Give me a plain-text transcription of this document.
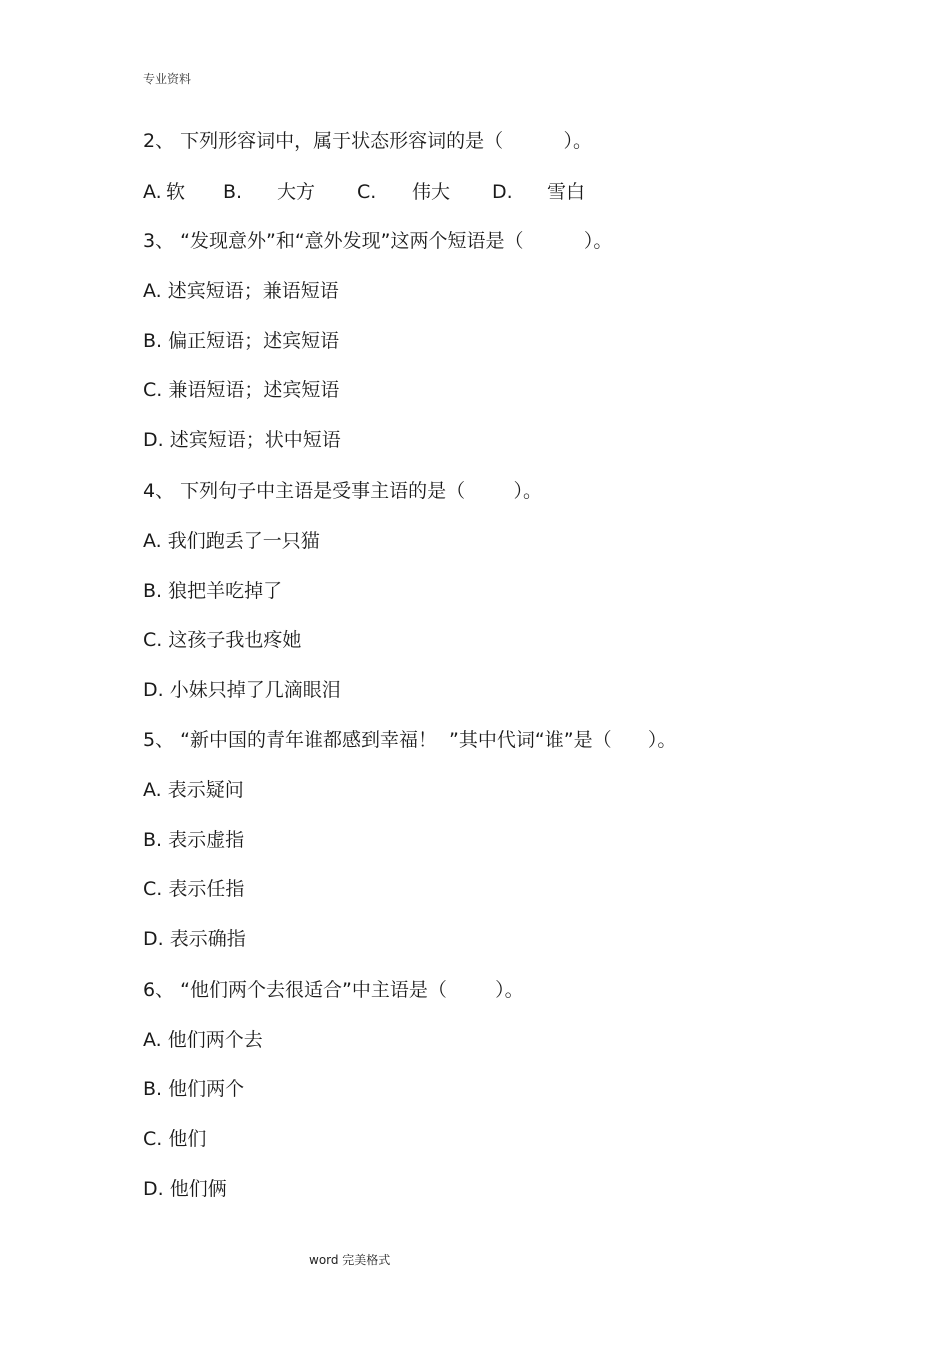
专业资料
2、 下列形容词中，属于状态形容词的是（          ）。
A. 软 B. 大方 C. 伟大 D. 雪白
3、 “发现意外”和“意外发现”这两个短语是（          ）。
A. 述宾短语；兼语短语
B. 偏正短语；述宾短语
C. 兼语短语；述宾短语
D. 述宾短语；状中短语
4、 下列句子中主语是受事主语的是（        ）。
A. 我们跑丢了一只猫
B. 狼把羊吃掉了
C. 这孩子我也疼她
D. 小妹只掉了几滴眼泪
5、 “新中国的青年谁都感到幸福！  ”其中代词“谁”是（      ）。
A. 表示疑问
B. 表示虚指
C. 表示任指
D. 表示确指
6、 “他们两个去很适合”中主语是（        ）。
A. 他们两个去
B. 他们两个
C. 他们
D. 他们俩
word 完美格式
